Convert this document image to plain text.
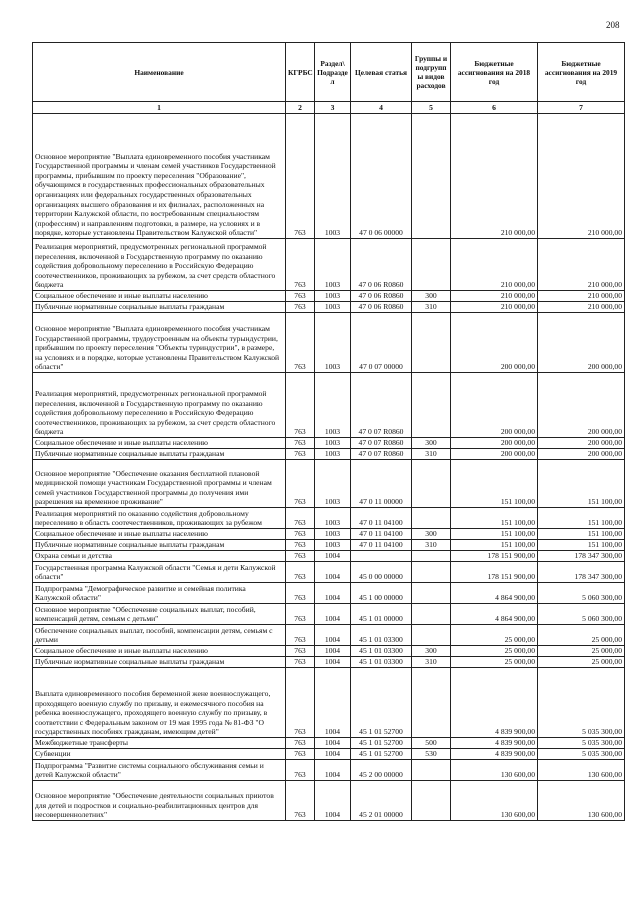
208
Наименование	КГРБС	Раздел\ Подразде л	Целевая статья	Группы и подгрупп ы видов расходов	Бюджетные ассигнования на 2018 год	Бюджетные ассигнования на 2019 год
1	2	3	4	5	6	7
Основное мероприятие "Выплата единовременного пособия участникам Государственной программы и членам семей участников Государственной программы, прибывшим по проекту переселения "Образование", обучающимся в государственных профессиональных образовательных организациях или федеральных государственных образовательных организациях высшего образования и их филиалах, расположенных на территории Калужской области, по востребованным специальностям (профессиям) и направлениям подготовки, в размере, на условиях и в порядке, которые установлены Правительством Калужской области"	763	1003	47 0 06 00000		210 000,00	210 000,00
Реализация мероприятий, предусмотренных региональной программой переселения, включенной в Государственную программу по оказанию содействия добровольному переселению в Российскую Федерацию соотечественников, проживающих за рубежом, за счет средств областного бюджета	763	1003	47 0 06 R0860		210 000,00	210 000,00
Социальное обеспечение и иные выплаты населению	763	1003	47 0 06 R0860	300	210 000,00	210 000,00
Публичные нормативные социальные выплаты гражданам	763	1003	47 0 06 R0860	310	210 000,00	210 000,00
Основное мероприятие "Выплата единовременного пособия участникам Государственной программы, трудоустроенным на объекты турындустрии, прибывшим по проекту переселения "Объекты туриндустрии", в размере, на условиях и в порядке, которые установлены Правительством Калужской области"	763	1003	47 0 07 00000		200 000,00	200 000,00
Реализация мероприятий, предусмотренных региональной программой переселения, включенной в Государственную программу по оказанию содействия добровольному переселению в Российскую Федерацию соотечественников, проживающих за рубежом, за счет средств областного бюджета	763	1003	47 0 07 R0860		200 000,00	200 000,00
Социальное обеспечение и иные выплаты населению	763	1003	47 0 07 R0860	300	200 000,00	200 000,00
Публичные нормативные социальные выплаты гражданам	763	1003	47 0 07 R0860	310	200 000,00	200 000,00
Основное мероприятие "Обеспечение оказания бесплатной плановой медицинской помощи участникам Государственной программы и членам семей участников Государственной программы до получения ими разрешения на временное проживание"	763	1003	47 0 11 00000		151 100,00	151 100,00
Реализация мероприятий по оказанию содействия добровольному переселению в область соотечественников, проживающих за рубежом	763	1003	47 0 11 04100		151 100,00	151 100,00
Социальное обеспечение и иные выплаты населению	763	1003	47 0 11 04100	300	151 100,00	151 100,00
Публичные нормативные социальные выплаты гражданам	763	1003	47 0 11 04100	310	151 100,00	151 100,00
Охрана семьи и детства	763	1004			178 151 900,00	178 347 300,00
Государственная программа Калужской области "Семья и дети Калужской области"	763	1004	45 0 00 00000		178 151 900,00	178 347 300,00
Подпрограмма "Демографическое развитие и семейная политика Калужской области"	763	1004	45 1 00 00000		4 864 900,00	5 060 300,00
Основное мероприятие "Обеспечение социальных выплат, пособий, компенсаций детям, семьям с детьми"	763	1004	45 1 01 00000		4 864 900,00	5 060 300,00
Обеспечение социальных выплат, пособий, компенсации детям, семьям с детьми	763	1004	45 1 01 03300		25 000,00	25 000,00
Социальное обеспечение и иные выплаты населению	763	1004	45 1 01 03300	300	25 000,00	25 000,00
Публичные нормативные социальные выплаты гражданам	763	1004	45 1 01 03300	310	25 000,00	25 000,00
Выплата единовременного пособия беременной жене военнослужащего, проходящего военную службу по призыву, и ежемесячного пособия на ребенка военнослужащего, проходящего военную службу по призыву, в соответствии с Федеральным законом от 19 мая 1995 года № 81-ФЗ "О государственных пособиях гражданам, имеющим детей"	763	1004	45 1 01 52700		4 839 900,00	5 035 300,00
Межбюджетные трансферты	763	1004	45 1 01 52700	500	4 839 900,00	5 035 300,00
Субвенции	763	1004	45 1 01 52700	530	4 839 900,00	5 035 300,00
Подпрограмма "Развитие системы социального обслуживания семьи и детей Калужской области"	763	1004	45 2 00 00000		130 600,00	130 600,00
Основное мероприятие "Обеспечение деятельности социальных приютов для детей и подростков и социально-реабилитационных центров для несовершеннолетних"	763	1004	45 2 01 00000		130 600,00	130 600,00
